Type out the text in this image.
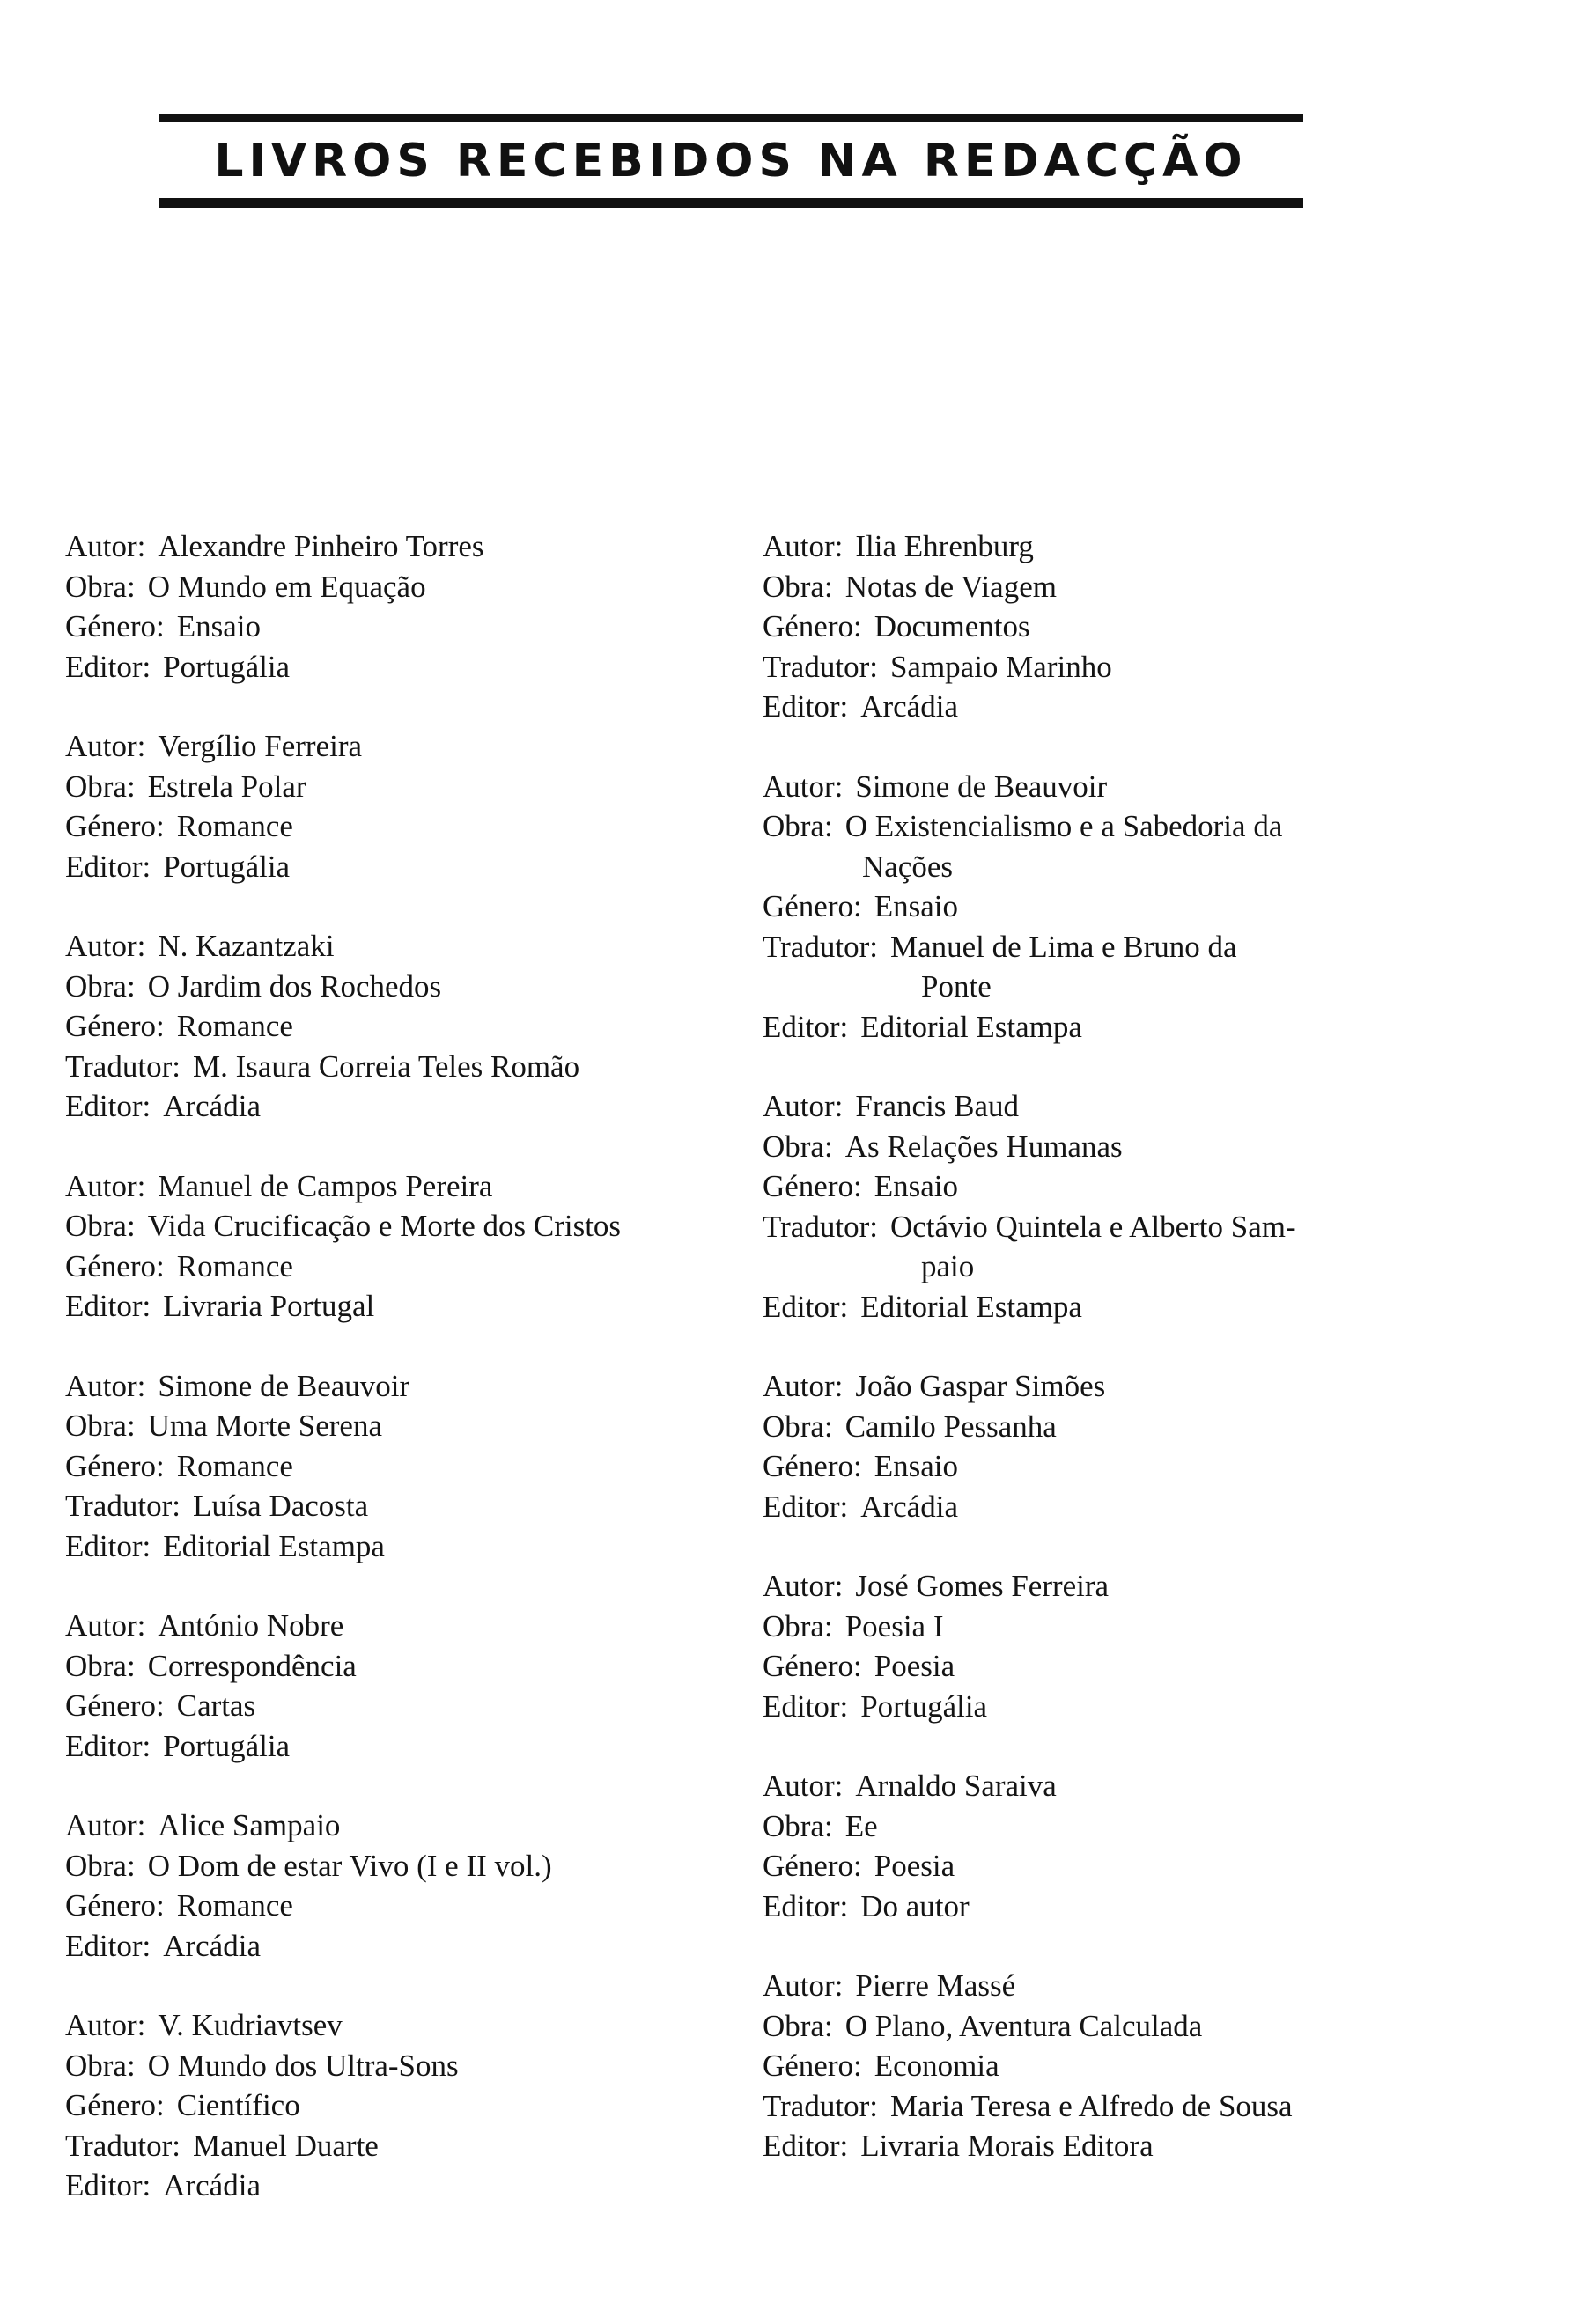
LIVROS RECEBIDOS NA REDACÇÃO
Autor: Alexandre Pinheiro Torres
Obra: O Mundo em Equação
Género: Ensaio
Editor: Portugália
Autor: Vergílio Ferreira
Obra: Estrela Polar
Género: Romance
Editor: Portugália
Autor: N. Kazantzaki
Obra: O Jardim dos Rochedos
Género: Romance
Tradutor: M. Isaura Correia Teles Romão
Editor: Arcádia
Autor: Manuel de Campos Pereira
Obra: Vida Crucificação e Morte dos Cristos
Género: Romance
Editor: Livraria Portugal
Autor: Simone de Beauvoir
Obra: Uma Morte Serena
Género: Romance
Tradutor: Luísa Dacosta
Editor: Editorial Estampa
Autor: António Nobre
Obra: Correspondência
Género: Cartas
Editor: Portugália
Autor: Alice Sampaio
Obra: O Dom de estar Vivo (I e II vol.)
Género: Romance
Editor: Arcádia
Autor: V. Kudriavtsev
Obra: O Mundo dos Ultra-Sons
Género: Científico
Tradutor: Manuel Duarte
Editor: Arcádia
Autor: Ilia Ehrenburg
Obra: Notas de Viagem
Género: Documentos
Tradutor: Sampaio Marinho
Editor: Arcádia
Autor: Simone de Beauvoir
Obra: O Existencialismo e a Sabedoria da
Nações
Género: Ensaio
Tradutor: Manuel de Lima e Bruno da
Ponte
Editor: Editorial Estampa
Autor: Francis Baud
Obra: As Relações Humanas
Género: Ensaio
Tradutor: Octávio Quintela e Alberto Sam-
paio
Editor: Editorial Estampa
Autor: João Gaspar Simões
Obra: Camilo Pessanha
Género: Ensaio
Editor: Arcádia
Autor: José Gomes Ferreira
Obra: Poesia I
Género: Poesia
Editor: Portugália
Autor: Arnaldo Saraiva
Obra: Ee
Género: Poesia
Editor: Do autor
Autor: Pierre Massé
Obra: O Plano, Aventura Calculada
Género: Economia
Tradutor: Maria Teresa e Alfredo de Sousa
Editor: Livraria Morais Editora
